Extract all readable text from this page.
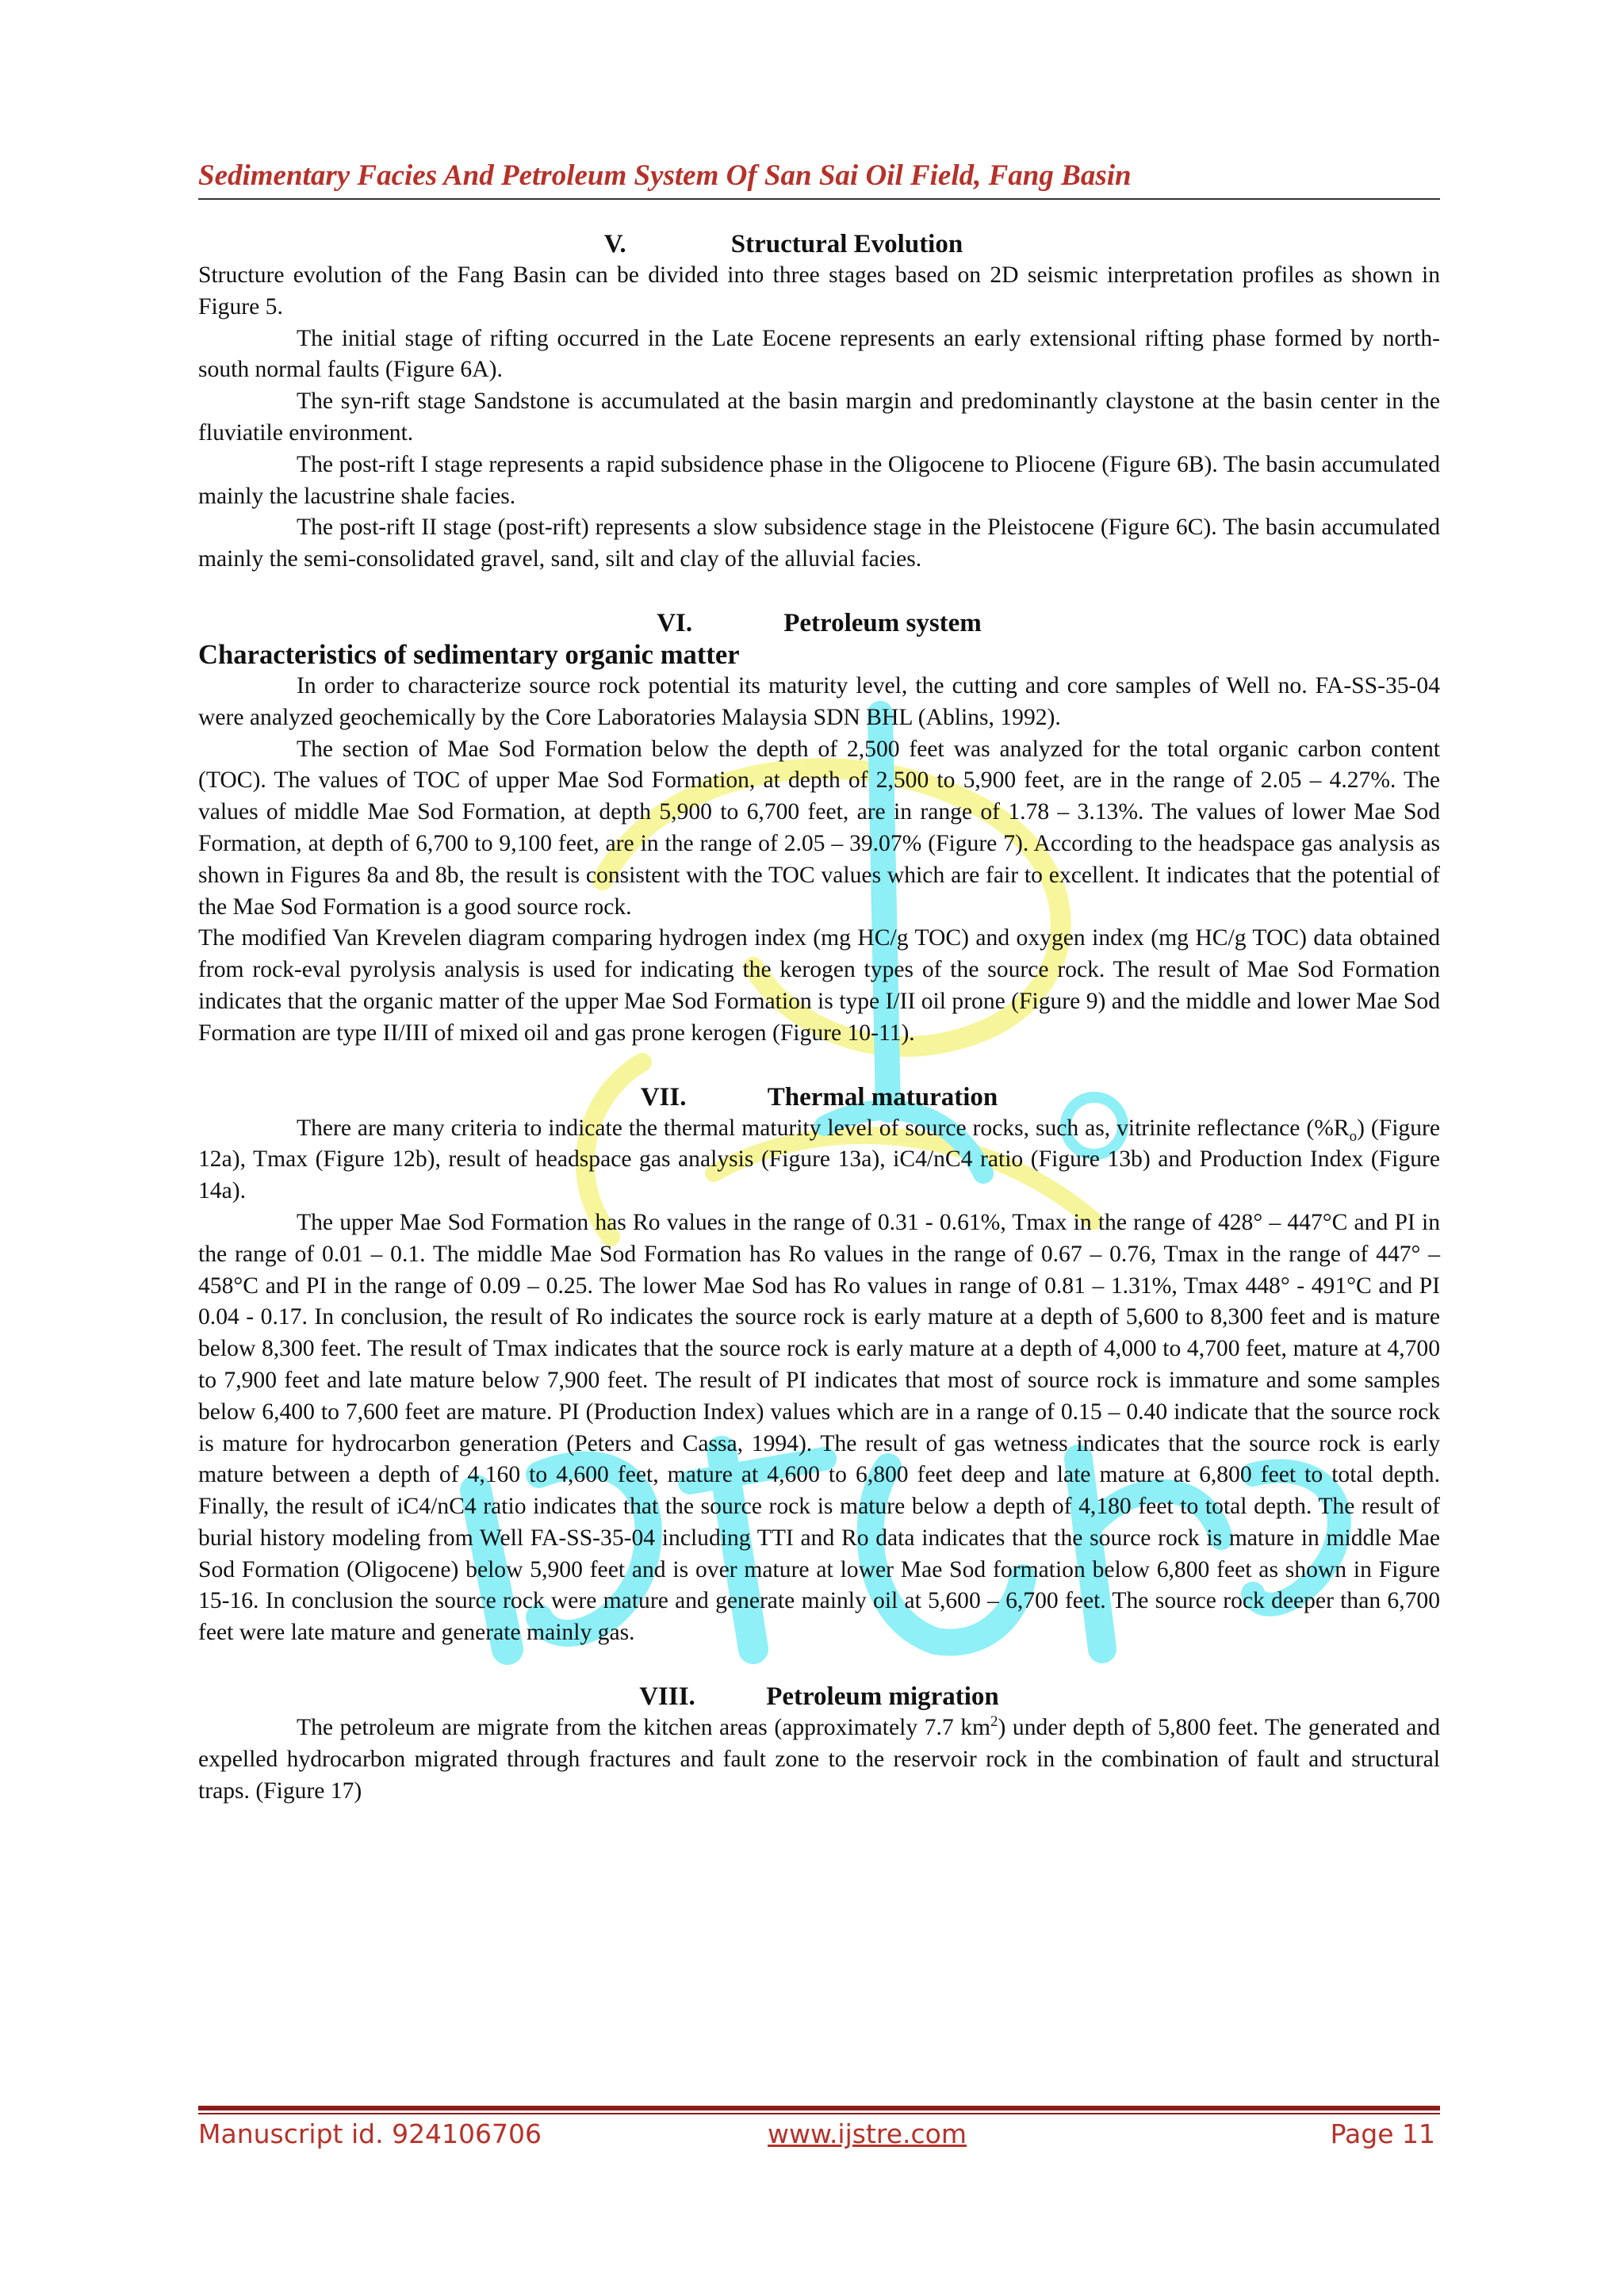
Sedimentary Facies And Petroleum System Of San Sai Oil Field, Fang Basin
V.	Structural Evolution

Structure evolution of the Fang Basin can be divided into three stages based on 2D seismic interpretation profiles as shown in Figure 5.

The initial stage of rifting occurred in the Late Eocene represents an early extensional rifting phase formed by north-south normal faults (Figure 6A).

The syn-rift stage Sandstone is accumulated at the basin margin and predominantly claystone at the basin center in the fluviatile environment.

The post-rift I stage represents a rapid subsidence phase in the Oligocene to Pliocene (Figure 6B). The basin accumulated mainly the lacustrine shale facies.

The post-rift II stage (post-rift) represents a slow subsidence stage in the Pleistocene (Figure 6C). The basin accumulated mainly the semi-consolidated gravel, sand, silt and clay of the alluvial facies.

VI.	Petroleum system
Characteristics of sedimentary organic matter

In order to characterize source rock potential its maturity level, the cutting and core samples of Well no. FA-SS-35-04 were analyzed geochemically by the Core Laboratories Malaysia SDN BHL (Ablins, 1992).

The section of Mae Sod Formation below the depth of 2,500 feet was analyzed for the total organic carbon content (TOC). The values of TOC of upper Mae Sod Formation, at depth of 2,500 to 5,900 feet, are in the range of 2.05 – 4.27%. The values of middle Mae Sod Formation, at depth 5,900 to 6,700 feet, are in range of 1.78 – 3.13%. The values of lower Mae Sod Formation, at depth of 6,700 to 9,100 feet, are in the range of 2.05 – 39.07% (Figure 7). According to the headspace gas analysis as shown in Figures 8a and 8b, the result is consistent with the TOC values which are fair to excellent. It indicates that the potential of the Mae Sod Formation is a good source rock.

The modified Van Krevelen diagram comparing hydrogen index (mg HC/g TOC) and oxygen index (mg HC/g TOC) data obtained from rock-eval pyrolysis analysis is used for indicating the kerogen types of the source rock. The result of Mae Sod Formation indicates that the organic matter of the upper Mae Sod Formation is type I/II oil prone (Figure 9) and the middle and lower Mae Sod Formation are type II/III of mixed oil and gas prone kerogen (Figure 10-11).

VII.	Thermal maturation

There are many criteria to indicate the thermal maturity level of source rocks, such as, vitrinite reflectance $(\%R_o)$ (Figure 12a), Tmax (Figure 12b), result of headspace gas analysis (Figure 13a), iC4/nC4 ratio (Figure 13b) and Production Index (Figure 14a).

The upper Mae Sod Formation has Ro values in the range of 0.31 - 0.61%, Tmax in the range of 428° – 447°C and PI in the range of 0.01 – 0.1. The middle Mae Sod Formation has Ro values in the range of 0.67 – 0.76, Tmax in the range of 447° – 458°C and PI in the range of 0.09 – 0.25. The lower Mae Sod has Ro values in range of 0.81 – 1.31%, Tmax 448° - 491°C and PI 0.04 - 0.17. In conclusion, the result of Ro indicates the source rock is early mature at a depth of 5,600 to 8,300 feet and is mature below 8,300 feet. The result of Tmax indicates that the source rock is early mature at a depth of 4,000 to 4,700 feet, mature at 4,700 to 7,900 feet and late mature below 7,900 feet. The result of PI indicates that most of source rock is immature and some samples below 6,400 to 7,600 feet are mature. PI (Production Index) values which are in a range of 0.15 – 0.40 indicate that the source rock is mature for hydrocarbon generation (Peters and Cassa, 1994). The result of gas wetness indicates that the source rock is early mature between a depth of 4,160 to 4,600 feet, mature at 4,600 to 6,800 feet deep and late mature at 6,800 feet to total depth. Finally, the result of iC4/nC4 ratio indicates that the source rock is mature below a depth of 4,180 feet to total depth. The result of burial history modeling from Well FA-SS-35-04 including TTI and Ro data indicates that the source rock is mature in middle Mae Sod Formation (Oligocene) below 5,900 feet and is over mature at lower Mae Sod formation below 6,800 feet as shown in Figure 15-16. In conclusion the source rock were mature and generate mainly oil at 5,600 – 6,700 feet. The source rock deeper than 6,700 feet were late mature and generate mainly gas.

VIII.	Petroleum migration

The petroleum are migrate from the kitchen areas (approximately 7.7 $km^2$) under depth of 5,800 feet. The generated and expelled hydrocarbon migrated through fractures and fault zone to the reservoir rock in the combination of fault and structural traps. (Figure 17)

Manuscript id. 924106706	www.ijstre.com	Page 11
